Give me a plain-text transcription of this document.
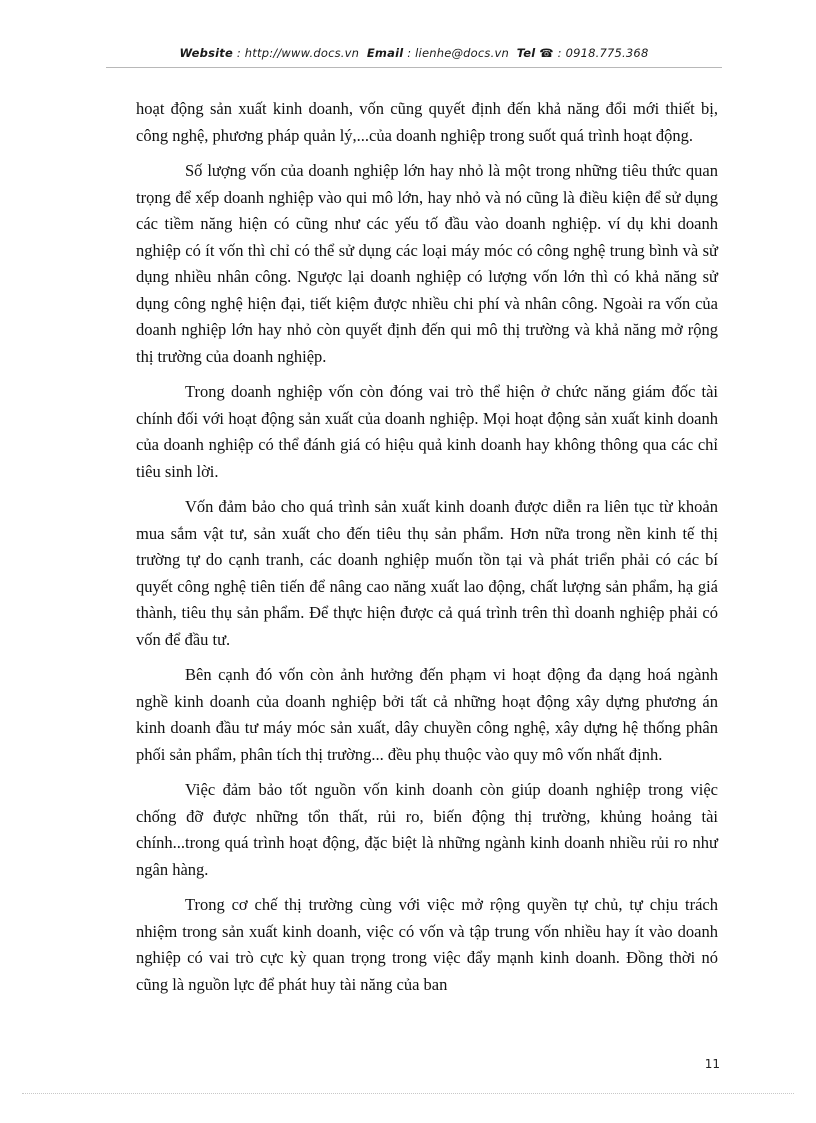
Website : http://www.docs.vn Email : lienhe@docs.vn Tel ☎ : 0918.775.368

hoạt động sản xuất kinh doanh, vốn cũng quyết định đến khả năng đổi mới thiết bị, công nghệ, phương pháp quản lý,...của doanh nghiệp trong suốt quá trình hoạt động.

Số lượng vốn của doanh nghiệp lớn hay nhỏ là một trong những tiêu thức quan trọng để xếp doanh nghiệp vào qui mô lớn, hay nhỏ và nó cũng là điều kiện để sử dụng các tiềm năng hiện có cũng như các yếu tố đầu vào doanh nghiệp. ví dụ khi doanh nghiệp có ít vốn thì chỉ có thể sử dụng các loại máy móc có công nghệ trung bình và sử dụng nhiều nhân công. Ngược lại doanh nghiệp có lượng vốn lớn thì có khả năng sử dụng công nghệ hiện đại, tiết kiệm được nhiều chi phí và nhân công. Ngoài ra vốn của doanh nghiệp lớn hay nhỏ còn quyết định đến qui mô thị trường và khả năng mở rộng thị trường của doanh nghiệp.

Trong doanh nghiệp vốn còn đóng vai trò thể hiện ở chức năng giám đốc tài chính đối với hoạt động sản xuất của doanh nghiệp. Mọi hoạt động sản xuất kinh doanh của doanh nghiệp có thể đánh giá có hiệu quả kinh doanh hay không thông qua các chỉ tiêu sinh lời.

Vốn đảm bảo cho quá trình sản xuất kinh doanh được diễn ra liên tục từ khoản mua sắm vật tư, sản xuất cho đến tiêu thụ sản phẩm. Hơn nữa trong nền kinh tế thị trường tự do cạnh tranh, các doanh nghiệp muốn tồn tại và phát triển phải có các bí quyết công nghệ tiên tiến để nâng cao năng xuất lao động, chất lượng sản phẩm, hạ giá thành, tiêu thụ sản phẩm. Để thực hiện được cả quá trình trên thì doanh nghiệp phải có vốn để đầu tư.

Bên cạnh đó vốn còn ảnh hưởng đến phạm vi hoạt động đa dạng hoá ngành nghề kinh doanh của doanh nghiệp bởi tất cả những hoạt động xây dựng phương án kinh doanh đầu tư máy móc sản xuất, dây chuyền công nghệ, xây dựng hệ thống phân phối sản phẩm, phân tích thị trường... đều phụ thuộc vào quy mô vốn nhất định.

Việc đảm bảo tốt nguồn vốn kinh doanh còn giúp doanh nghiệp trong việc chống đỡ được những tổn thất, rủi ro, biến động thị trường, khủng hoảng tài chính...trong quá trình hoạt động, đặc biệt là những ngành kinh doanh nhiều rủi ro như ngân hàng.

Trong cơ chế thị trường cùng với việc mở rộng quyền tự chủ, tự chịu trách nhiệm trong sản xuất kinh doanh, việc có vốn và tập trung vốn nhiều hay ít vào doanh nghiệp có vai trò cực kỳ quan trọng trong việc đẩy mạnh kinh doanh. Đồng thời nó cũng là nguồn lực để phát huy tài năng của ban

11
